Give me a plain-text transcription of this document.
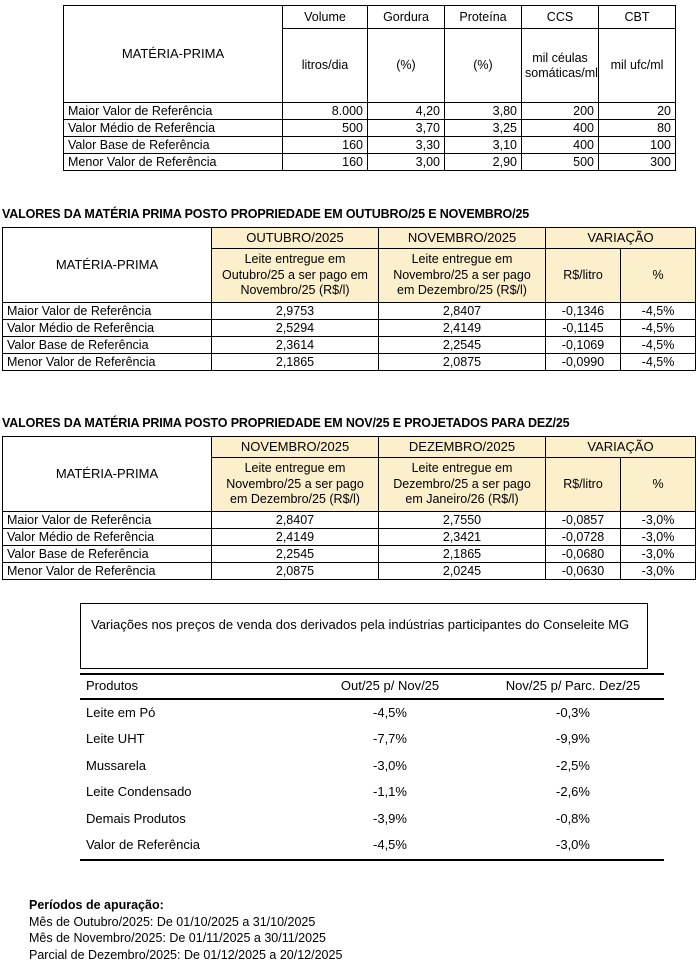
MATÉRIA-PRIMA	Volume	Gordura	Proteína	CCS	CBT
	litros/dia	(%)	(%)	mil céulas somáticas/ml	mil ufc/ml
Maior Valor de Referência	8.000	4,20	3,80	200	20
Valor Médio de Referência	500	3,70	3,25	400	80
Valor Base de Referência	160	3,30	3,10	400	100
Menor Valor de Referência	160	3,00	2,90	500	300
VALORES DA MATÉRIA PRIMA POSTO PROPRIEDADE EM OUTUBRO/25 E NOVEMBRO/25
MATÉRIA-PRIMA	OUTUBRO/2025	NOVEMBRO/2025	VARIAÇÃO	
	Leite entregue em Outubro/25 a ser pago em Novembro/25 (R$/l)	Leite entregue em Novembro/25 a ser pago em Dezembro/25 (R$/l)	R$/litro	%
Maior Valor de Referência	2,9753	2,8407	-0,1346	-4,5%
Valor Médio de Referência	2,5294	2,4149	-0,1145	-4,5%
Valor Base de Referência	2,3614	2,2545	-0,1069	-4,5%
Menor Valor de Referência	2,1865	2,0875	-0,0990	-4,5%
VALORES DA MATÉRIA PRIMA POSTO PROPRIEDADE EM NOV/25 E PROJETADOS PARA DEZ/25
MATÉRIA-PRIMA	NOVEMBRO/2025	DEZEMBRO/2025	VARIAÇÃO	
	Leite entregue em Novembro/25 a ser pago em Dezembro/25 (R$/l)	Leite entregue em Dezembro/25 a ser pago em Janeiro/26 (R$/l)	R$/litro	%
Maior Valor de Referência	2,8407	2,7550	-0,0857	-3,0%
Valor Médio de Referência	2,4149	2,3421	-0,0728	-3,0%
Valor Base de Referência	2,2545	2,1865	-0,0680	-3,0%
Menor Valor de Referência	2,0875	2,0245	-0,0630	-3,0%
Variações nos preços de venda dos derivados pela indústrias participantes do Conseleite MG
Produtos	Out/25 p/ Nov/25	Nov/25 p/ Parc. Dez/25
Leite em Pó	-4,5%	-0,3%
Leite UHT	-7,7%	-9,9%
Mussarela	-3,0%	-2,5%
Leite Condensado	-1,1%	-2,6%
Demais Produtos	-3,9%	-0,8%
Valor de Referência	-4,5%	-3,0%
Períodos de apuração:
Mês de Outubro/2025: De 01/10/2025 a 31/10/2025
Mês de Novembro/2025: De 01/11/2025 a 30/11/2025
Parcial de Dezembro/2025: De 01/12/2025 a 20/12/2025
